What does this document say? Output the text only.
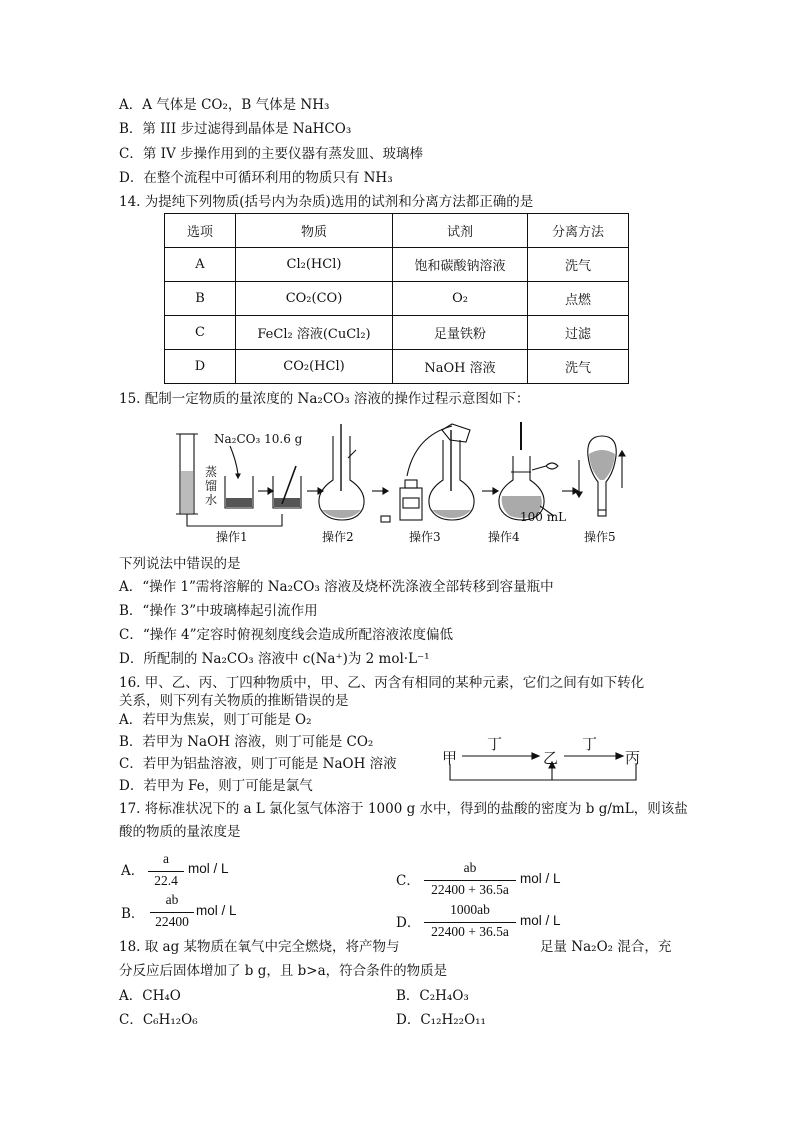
A．A 气体是 CO₂，B 气体是 NH₃
B．第 III 步过滤得到晶体是 NaHCO₃
C．第 IV 步操作用到的主要仪器有蒸发皿、玻璃棒
D．在整个流程中可循环利用的物质只有 NH₃
14. 为提纯下列物质(括号内为杂质)选用的试剂和分离方法都正确的是
选项	物质	试剂	分离方法
A	Cl₂(HCl)	饱和碳酸钠溶液	洗气
B	CO₂(CO)	O₂	点燃
C	FeCl₂ 溶液(CuCl₂)	足量铁粉	过滤
D	CO₂(HCl)	NaOH 溶液	洗气
15. 配制一定物质的量浓度的 Na₂CO₃ 溶液的操作过程示意图如下：
Na₂CO₃ 10.6 g
蒸
馏
水
100 mL
操作1	操作2	操作3	操作4	操作5
下列说法中错误的是
A．“操作 1”需将溶解的 Na₂CO₃ 溶液及烧杯洗涤液全部转移到容量瓶中
B．“操作 3”中玻璃棒起引流作用
C．“操作 4”定容时俯视刻度线会造成所配溶液浓度偏低
D．所配制的 Na₂CO₃ 溶液中 c(Na⁺)为 2 mol·L⁻¹
16. 甲、乙、丙、丁四种物质中，甲、乙、丙含有相同的某种元素，它们之间有如下转化
关系，则下列有关物质的推断错误的是
A．若甲为焦炭，则丁可能是 O₂
B．若甲为 NaOH 溶液，则丁可能是 CO₂
C．若甲为铝盐溶液，则丁可能是 NaOH 溶液
D．若甲为 Fe，则丁可能是氯气
甲
丁
乙
丁
丙
17. 将标准状况下的 a L 氯化氢气体溶于 1000 g 水中，得到的盐酸的密度为 b g/mL，则该盐
酸的物质的量浓度是
A．
a
22.4
mol / L
B．
ab
22400
mol / L
C．
ab
22400 + 36.5a
mol / L
D．
1000ab
22400 + 36.5a
mol / L
18. 取 ag 某物质在氧气中完全燃烧，将产物与	足量 Na₂O₂ 混合，充
分反应后固体增加了 b g，且 b>a，符合条件的物质是
A．CH₄O	B．C₂H₄O₃
C．C₆H₁₂O₆	D．C₁₂H₂₂O₁₁
